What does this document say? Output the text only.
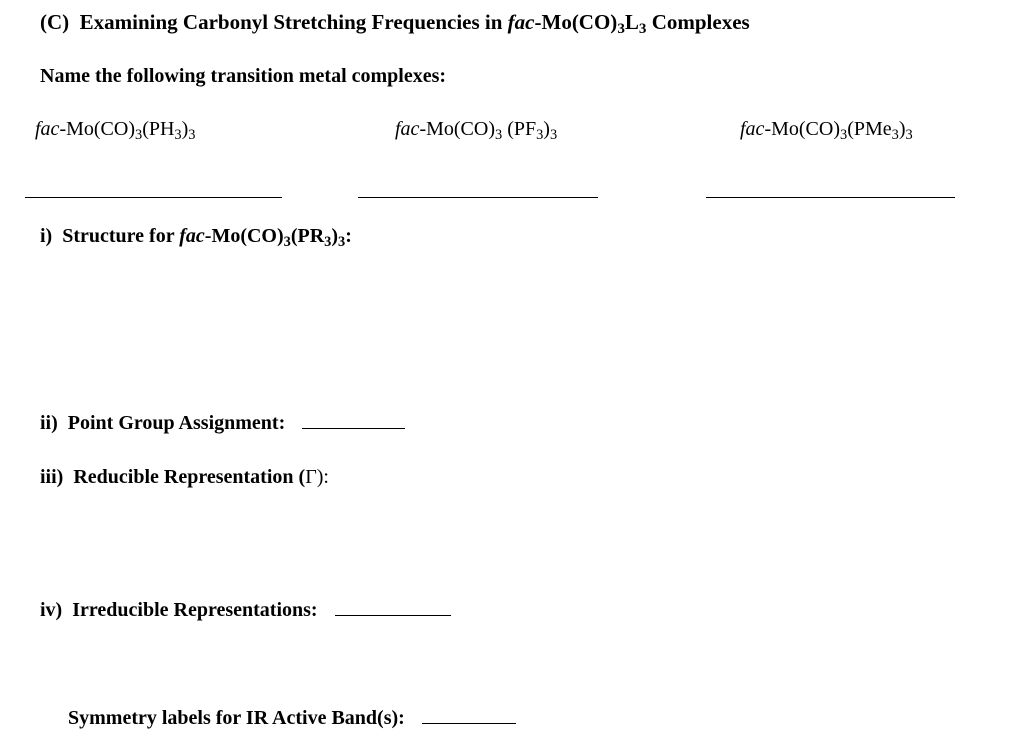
(C) Examining Carbonyl Stretching Frequencies in fac-$Mo(CO)_3L_3$ Complexes
Name the following transition metal complexes:
fac-$Mo(CO)_3(PH_3)_3$	fac-$Mo(CO)_3$ $(PF_3)_3$	fac-$Mo(CO)_3(PMe_3)_3$
i) Structure for fac-$Mo(CO)_3(PR_3)_3$:
ii) Point Group Assignment:
iii) Reducible Representation (Γ):
iv) Irreducible Representations:
Symmetry labels for IR Active Band(s):
